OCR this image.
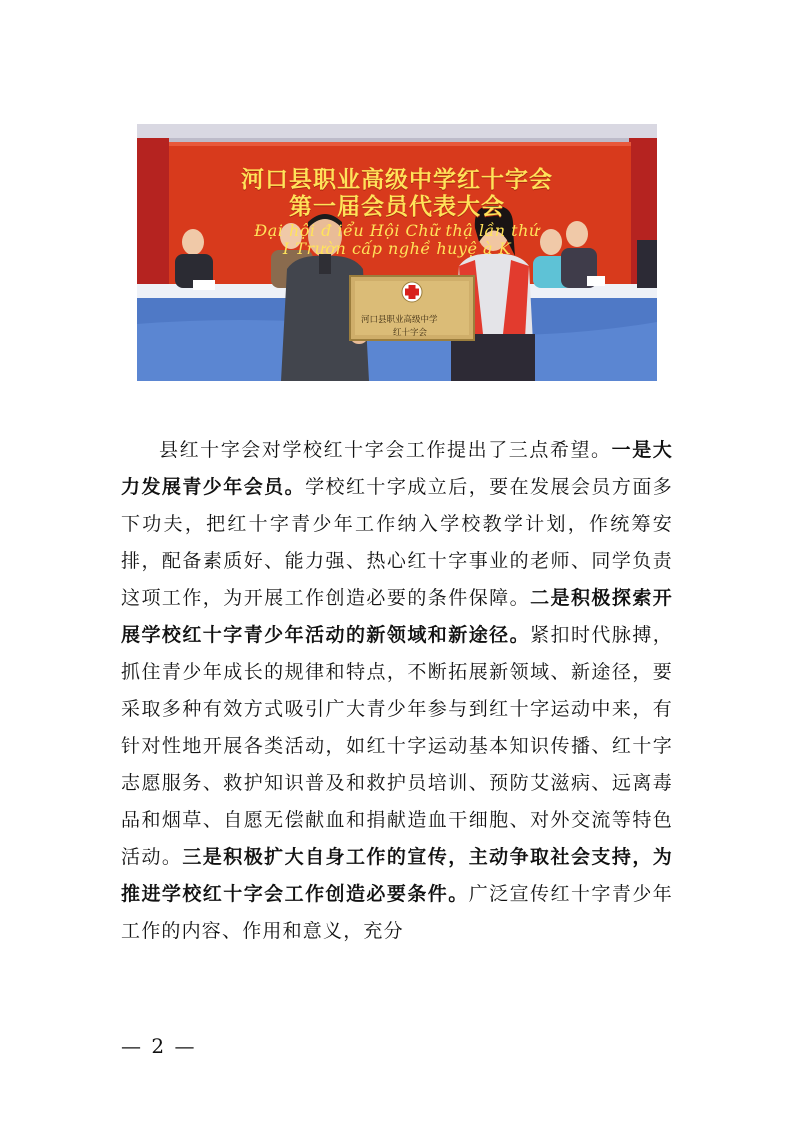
河口县职业高级中学红十字会
第一届会员代表大会
Đại hội đ iểu Hội Chữ thậ lần thứ
I Trườn cấp nghề huyệ à K
河口县职业高级中学
红十字会

县红十字会对学校红十字会工作提出了三点希望。一是大力发展青少年会员。学校红十字成立后，要在发展会员方面多下功夫，把红十字青少年工作纳入学校教学计划，作统筹安排，配备素质好、能力强、热心红十字事业的老师、同学负责这项工作，为开展工作创造必要的条件保障。二是积极探索开展学校红十字青少年活动的新领域和新途径。紧扣时代脉搏，抓住青少年成长的规律和特点，不断拓展新领域、新途径，要采取多种有效方式吸引广大青少年参与到红十字运动中来，有针对性地开展各类活动，如红十字运动基本知识传播、红十字志愿服务、救护知识普及和救护员培训、预防艾滋病、远离毒品和烟草、自愿无偿献血和捐献造血干细胞、对外交流等特色活动。三是积极扩大自身工作的宣传，主动争取社会支持，为推进学校红十字会工作创造必要条件。广泛宣传红十字青少年工作的内容、作用和意义，充分

— 2 —
